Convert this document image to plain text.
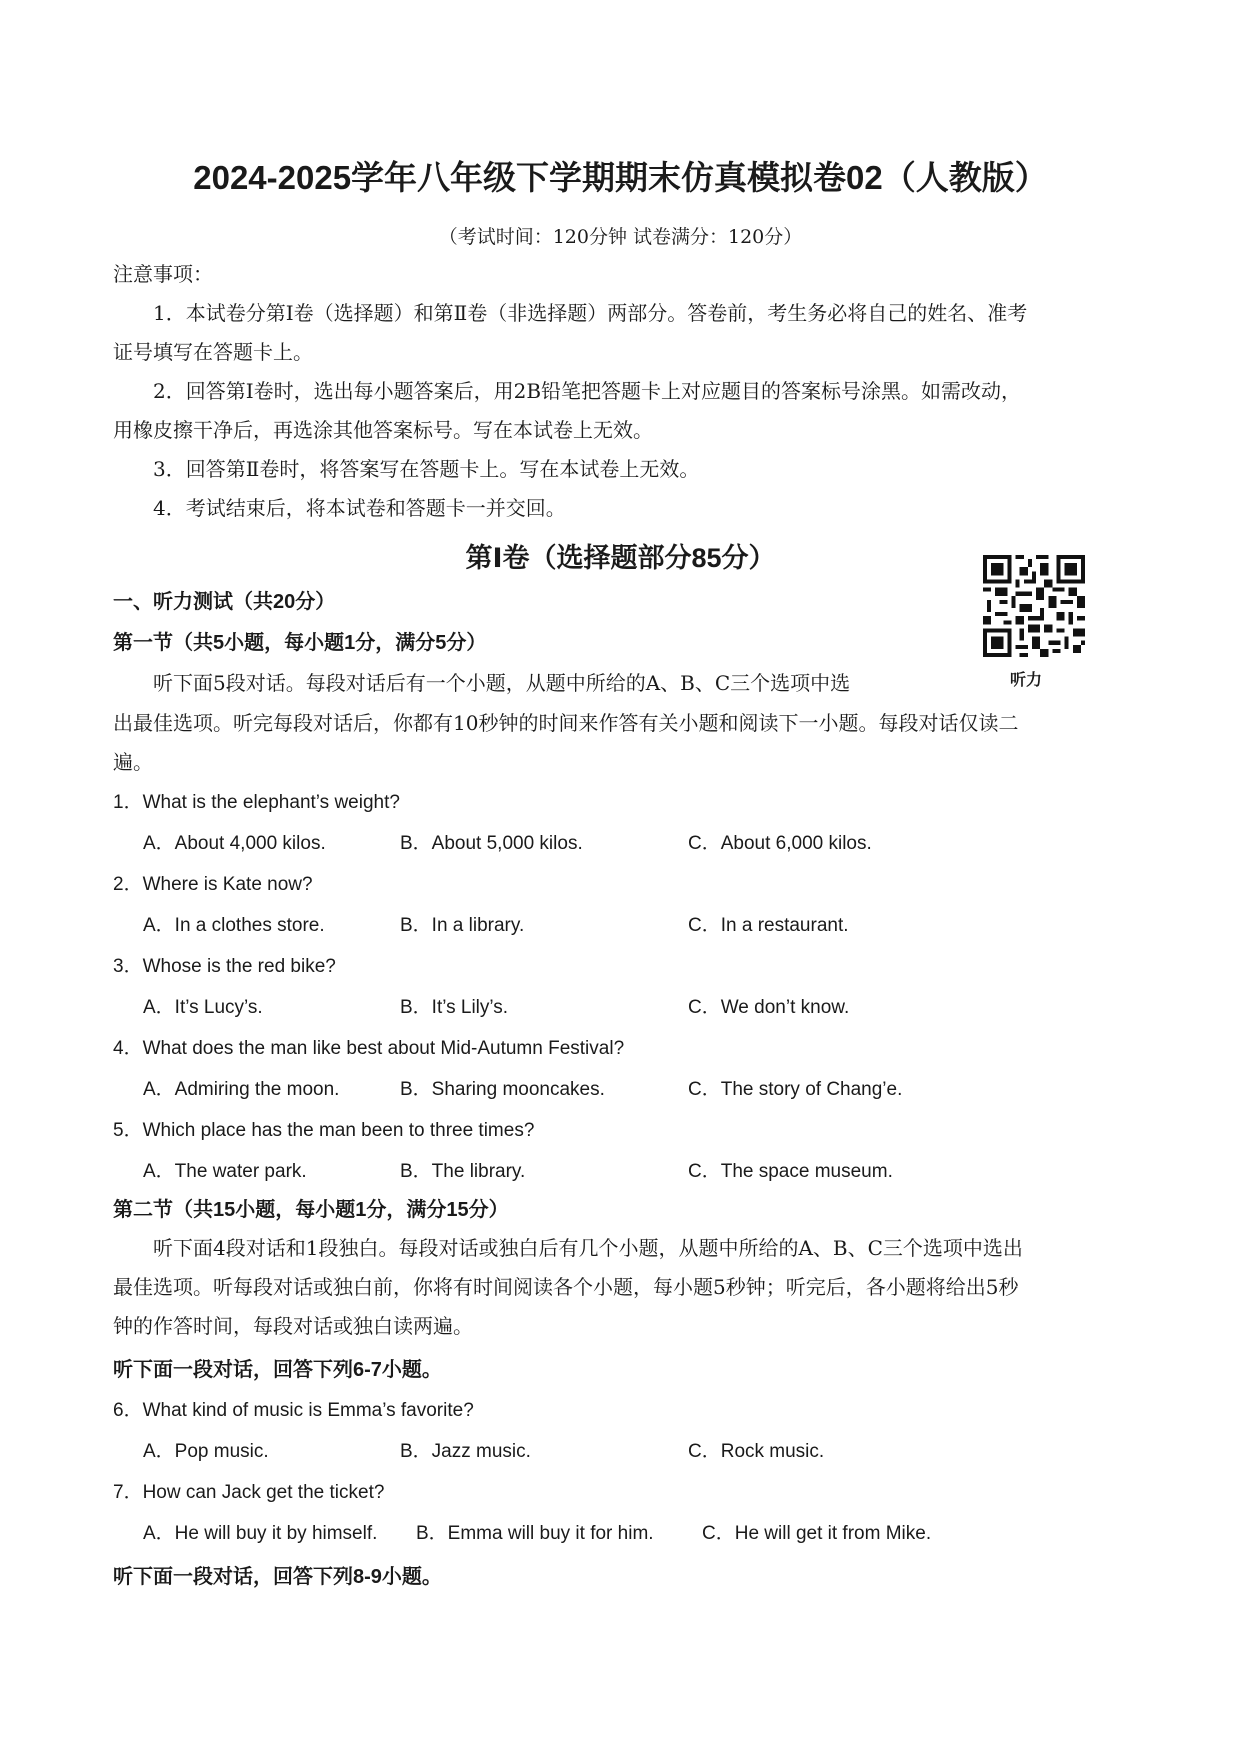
2024-2025学年八年级下学期期末仿真模拟卷02（人教版）
（考试时间：120分钟 试卷满分：120分）
注意事项：
1．本试卷分第Ⅰ卷（选择题）和第Ⅱ卷（非选择题）两部分。答卷前，考生务必将自己的姓名、准考
证号填写在答题卡上。
2．回答第Ⅰ卷时，选出每小题答案后，用2B铅笔把答题卡上对应题目的答案标号涂黑。如需改动，
用橡皮擦干净后，再选涂其他答案标号。写在本试卷上无效。
3．回答第Ⅱ卷时，将答案写在答题卡上。写在本试卷上无效。
4．考试结束后，将本试卷和答题卡一并交回。
第Ⅰ卷（选择题部分85分）
一、听力测试（共20分）
第一节（共5小题，每小题1分，满分5分）
听力
听下面5段对话。每段对话后有一个小题，从题中所给的A、B、C三个选项中选
出最佳选项。听完每段对话后，你都有10秒钟的时间来作答有关小题和阅读下一小题。每段对话仅读二
遍。
1．What is the elephant’s weight?
A．About 4,000 kilos.	B．About 5,000 kilos.	C．About 6,000 kilos.
2．Where is Kate now?
A．In a clothes store.	B．In a library.	C．In a restaurant.
3．Whose is the red bike?
A．It’s Lucy’s.	B．It’s Lily’s.	C．We don’t know.
4．What does the man like best about Mid-Autumn Festival?
A．Admiring the moon.	B．Sharing mooncakes.	C．The story of Chang’e.
5．Which place has the man been to three times?
A．The water park.	B．The library.	C．The space museum.
第二节（共15小题，每小题1分，满分15分）
听下面4段对话和1段独白。每段对话或独白后有几个小题，从题中所给的A、B、C三个选项中选出
最佳选项。听每段对话或独白前，你将有时间阅读各个小题，每小题5秒钟；听完后，各小题将给出5秒
钟的作答时间，每段对话或独白读两遍。
听下面一段对话，回答下列6-7小题。
6．What kind of music is Emma’s favorite?
A．Pop music.	B．Jazz music.	C．Rock music.
7．How can Jack get the ticket?
A．He will buy it by himself. B．Emma will buy it for him.	C．He will get it from Mike.
听下面一段对话，回答下列8-9小题。
